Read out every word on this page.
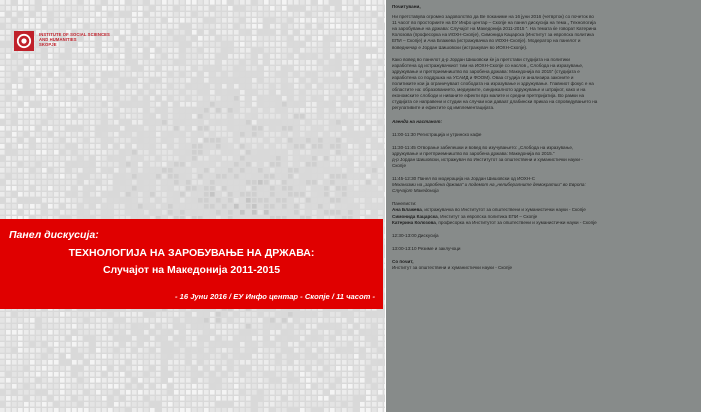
INSTITUTE OF SOCIAL SCIENCES
AND HUMANITIES
SKOPJE
Панел дискусија:
ТЕХНОЛОГИЈА НА ЗАРОБУВАЊЕ НА ДРЖАВА:
Случајот на Македонија 2011-2015
- 16 Јуни 2016 / ЕУ Инфо центар - Скопје / 11 часот -

Почитувани,

Ни претставува огромно задоволство да Ве поканиме на 16 јуни 2016 (четврток) со почеток во

11 часот во просториите на ЕУ Инфо центар – Скопје на панел дискусија на тема „ Технологија

на заробување на држава: Случајот на Македонија 2011-2015 “. На темата ќе говорат Катерина

Колозова (професорка на ИОХН-Скопје), Симонида Кацарска (Институт за европска политика

ЕПИ – Скопје) и Ана Блажева (истражувачка во ИОХН-Скопје). Модератор на панелот и

воведничар е Јордан Шишовски (истражувач во ИОХН-Скопје).

Како вовед во панелот д-р Јордан Шишовски ќе ја претстави студијата на политики

изработена од истражувачкиот тим на ИОХН-Скопје со наслов „ Слобода на изразување,

здружување и претприемништво во заробена држава: Македонија во 2015“ (студијата е

изработена со поддршка на УСАИД и ФООМ). Оваа студија ги анализира законите и

политиките кои ја ограничуваат слободата на изразување и здружување. Главниот фокус е на

областите на: образованието, медиумите, синдикалното здружување и штрајкот, како и на

економските слободи и ниваните ефекти врз малите и средни претпријатија. Во рамки на

студијата се направени и студии на случаи кои даваат длабински приказ на спроведувањето на

регулативите и ефектите од имплементацијата.

Агенда на настанот:

11:00-11:30 Регистрација и утринско кафе

11:30-11:45 Отворање забелешки и вовед во изучувањето: „Слобода на изразување,

здружување и претприемништво во заробена држава: Македонија во 2015.“

д-р Јордан Шишовски, истражувач во Институтот за општествени и хуманистички науки -

Скопје

11:45-12:30 Панел во модерација на Јордан Шишовски од ИОХН-С

Механизми на „заробена држава“ и подемот на „нелибералните демократии“ во Европа:

Случајот Македонија

Панелисти:

Ана Блажева, истражувачка во Институтот за општествени и хуманистички науки - Скопје

Симонида Кацарска, Институт за европска политика ЕПИ – Скопје

Катерина Колозова, професорка на Институтот за општествени и хуманистички науки - Скопје

12:30-13:00 Дискусија

13:00-13:10 Резиме и заклучоци

Со почит,

Институт за општествени и хуманистички науки - Скопје
